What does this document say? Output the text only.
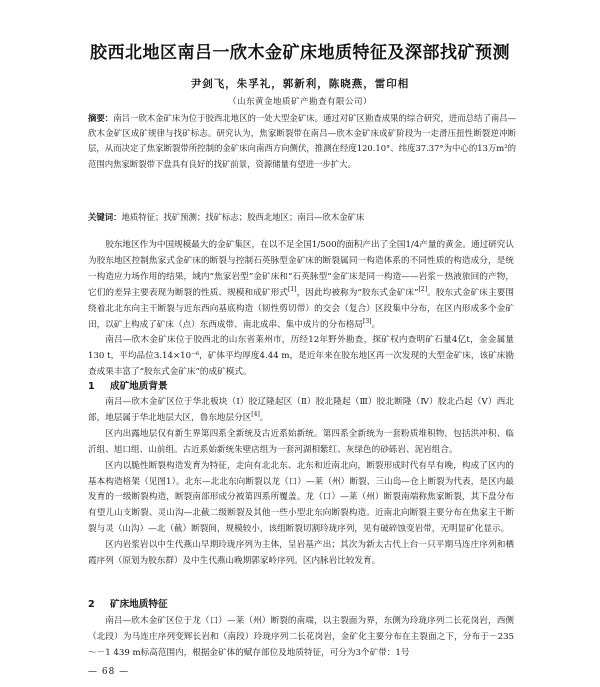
胶西北地区南吕一欣木金矿床地质特征及深部找矿预测
尹剑飞，朱孚礼，郭新利，陈晓燕，雷印相
（山东黄金地质矿产勘查有限公司）
摘要：南吕一欣木金矿床为位于胶西北地区的一处大型金矿床。通过对矿区勘查成果的综合研究，进而总结了南吕—欣木金矿区成矿规律与找矿标志。研究认为，焦家断裂带在南吕—欣木金矿床成矿阶段为一走滑压扭性断裂逆冲断层，从而决定了焦家断裂带所控制的金矿床向南西方向侧伏，推测在经度120.10°、纬度37.37°为中心的13万m²的范围内焦家断裂带下盘具有良好的找矿前景，资源储量有望进一步扩大。
关键词：地质特征；找矿预测；找矿标志；胶西北地区；南吕—欣木金矿床

胶东地区作为中国规模最大的金矿集区，在以不足全国1/500的面积产出了全国1/4产量的黄金。通过研究认为胶东地区控制焦家式金矿床的断裂与控制石英脉型金矿床的断裂属同一构造体系的不同性质的构造成分，是统一构造应力场作用的结果，域内“焦家岩型”金矿床和“石英脉型”金矿床是同一构造——岩浆－热液旅回的产物，它们的差异主要表现为断裂的性质、规模和成矿形式[1]，因此均被称为“胶东式金矿床”[2]。胶东式金矿床主要围绕着北北东向主干断裂与近东西向基底构造（韧性剪切带）的交会（复合）区段集中分布，在区内形成多个金矿田，以矿上构成了矿床（点）东西成带、南北成串、集中成片的分布格局[3]。

南吕—欣木金矿床位于胶西北的山东省莱州市，历经12年野外勘查，探矿权内查明矿石量4亿t，金金属量130 t，平均品位3.14×10⁻⁶，矿体平均厚度4.44 m，是近年来在胶东地区再一次发现的大型金矿床，该矿床勘查成果丰富了“胶东式金矿床”的成矿模式。

1 成矿地质背景

南吕—欣木金矿区位于华北板块（Ⅰ）胶辽隆起区（Ⅱ）胶北隆起（Ⅲ）胶北断隆（Ⅳ）胶北凸起（Ⅴ）西北部，地层属于华北地层大区，鲁东地层分区[4]。

区内出露地层仅有新生界第四系全新统及古近系始新统。第四系全新统为一套粉质堆积物，包括洪冲积、临沂组、旭口组、山前组。古近系始新统朱壁店组为一套河湖相紫红、灰绿色的砂砾岩、泥岩组合。

区内以脆性断裂构造发育为特征，走向有北北东、北东和近南北向，断裂形成时代有早有晚，构成了区内的基本构造格架（见图1）。北东—北北东向断裂以龙（口）—莱（州）断裂、三山岛—仓上断裂为代表，是区内最发育的一级断裂构造，断裂南部形成分被第四系所覆盖。龙（口）—莱（州）断裂南端称焦家断裂，其下盘分布有望儿山支断裂、灵山沟—北截二级断裂及其他一些小型北东向断裂构造。近南北向断裂主要分布在焦家主干断裂与灵（山沟）—北（截）断裂间，规模较小，该组断裂切割玲珑序列，见有破碎蚀变岩带，无明显矿化显示。

区内岩浆岩以中生代燕山早期玲珑序列为主体，呈岩基产出；其次为新太古代上台一只平期马连庄序列和栖霞序列（原划为胶东群）及中生代燕山晚期郭家岭序列。区内脉岩比较发育。

2 矿床地质特征

南吕—欣木金矿区位于龙（口）—莱（州）断裂的南端，以主裂面为界，东侧为玲珑序列二长花岗岩，西侧（北段）为马连庄序列变辉长岩和（南段）玲珑序列二长花岗岩，金矿化主要分布在主裂面之下，分布于－235～－1 439 m标高范围内，根据金矿体的赋存部位及地质特征，可分为3个矿带：1号

— 68 —
